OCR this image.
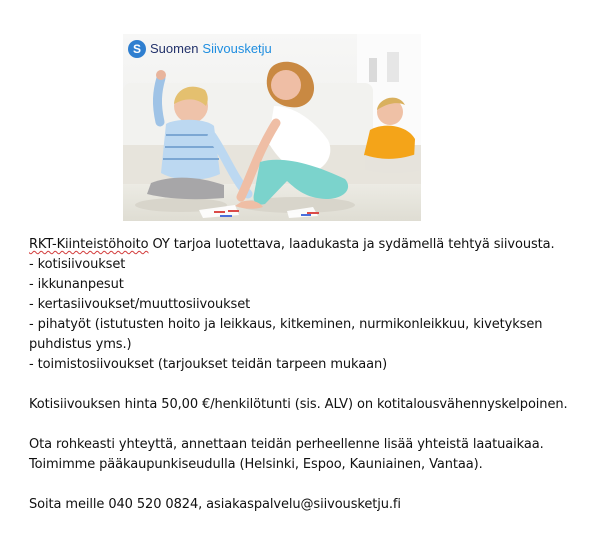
S Suomen Siivousketju

RKT-Kiinteistöhoito OY tarjoa luotettava, laadukasta ja sydämellä tehtyä siivousta.

- kotisiivoukset
- ikkunanpesut
- kertasiivoukset/muuttosiivoukset
- pihatyöt (istutusten hoito ja leikkaus, kitkeminen, nurmikonleikkuu, kivetyksen puhdistus yms.)
- toimistosiivoukset (tarjoukset teidän tarpeen mukaan)

Kotisiivouksen hinta 50,00 €/henkilötunti (sis. ALV) on kotitalousvähennyskelpoinen.

Ota rohkeasti yhteyttä, annettaan teidän perheellenne lisää yhteistä laatuaikaa.

Toimimme pääkaupunkiseudulla (Helsinki, Espoo, Kauniainen, Vantaa).

Soita meille 040 520 0824, asiakaspalvelu@siivousketju.fi
